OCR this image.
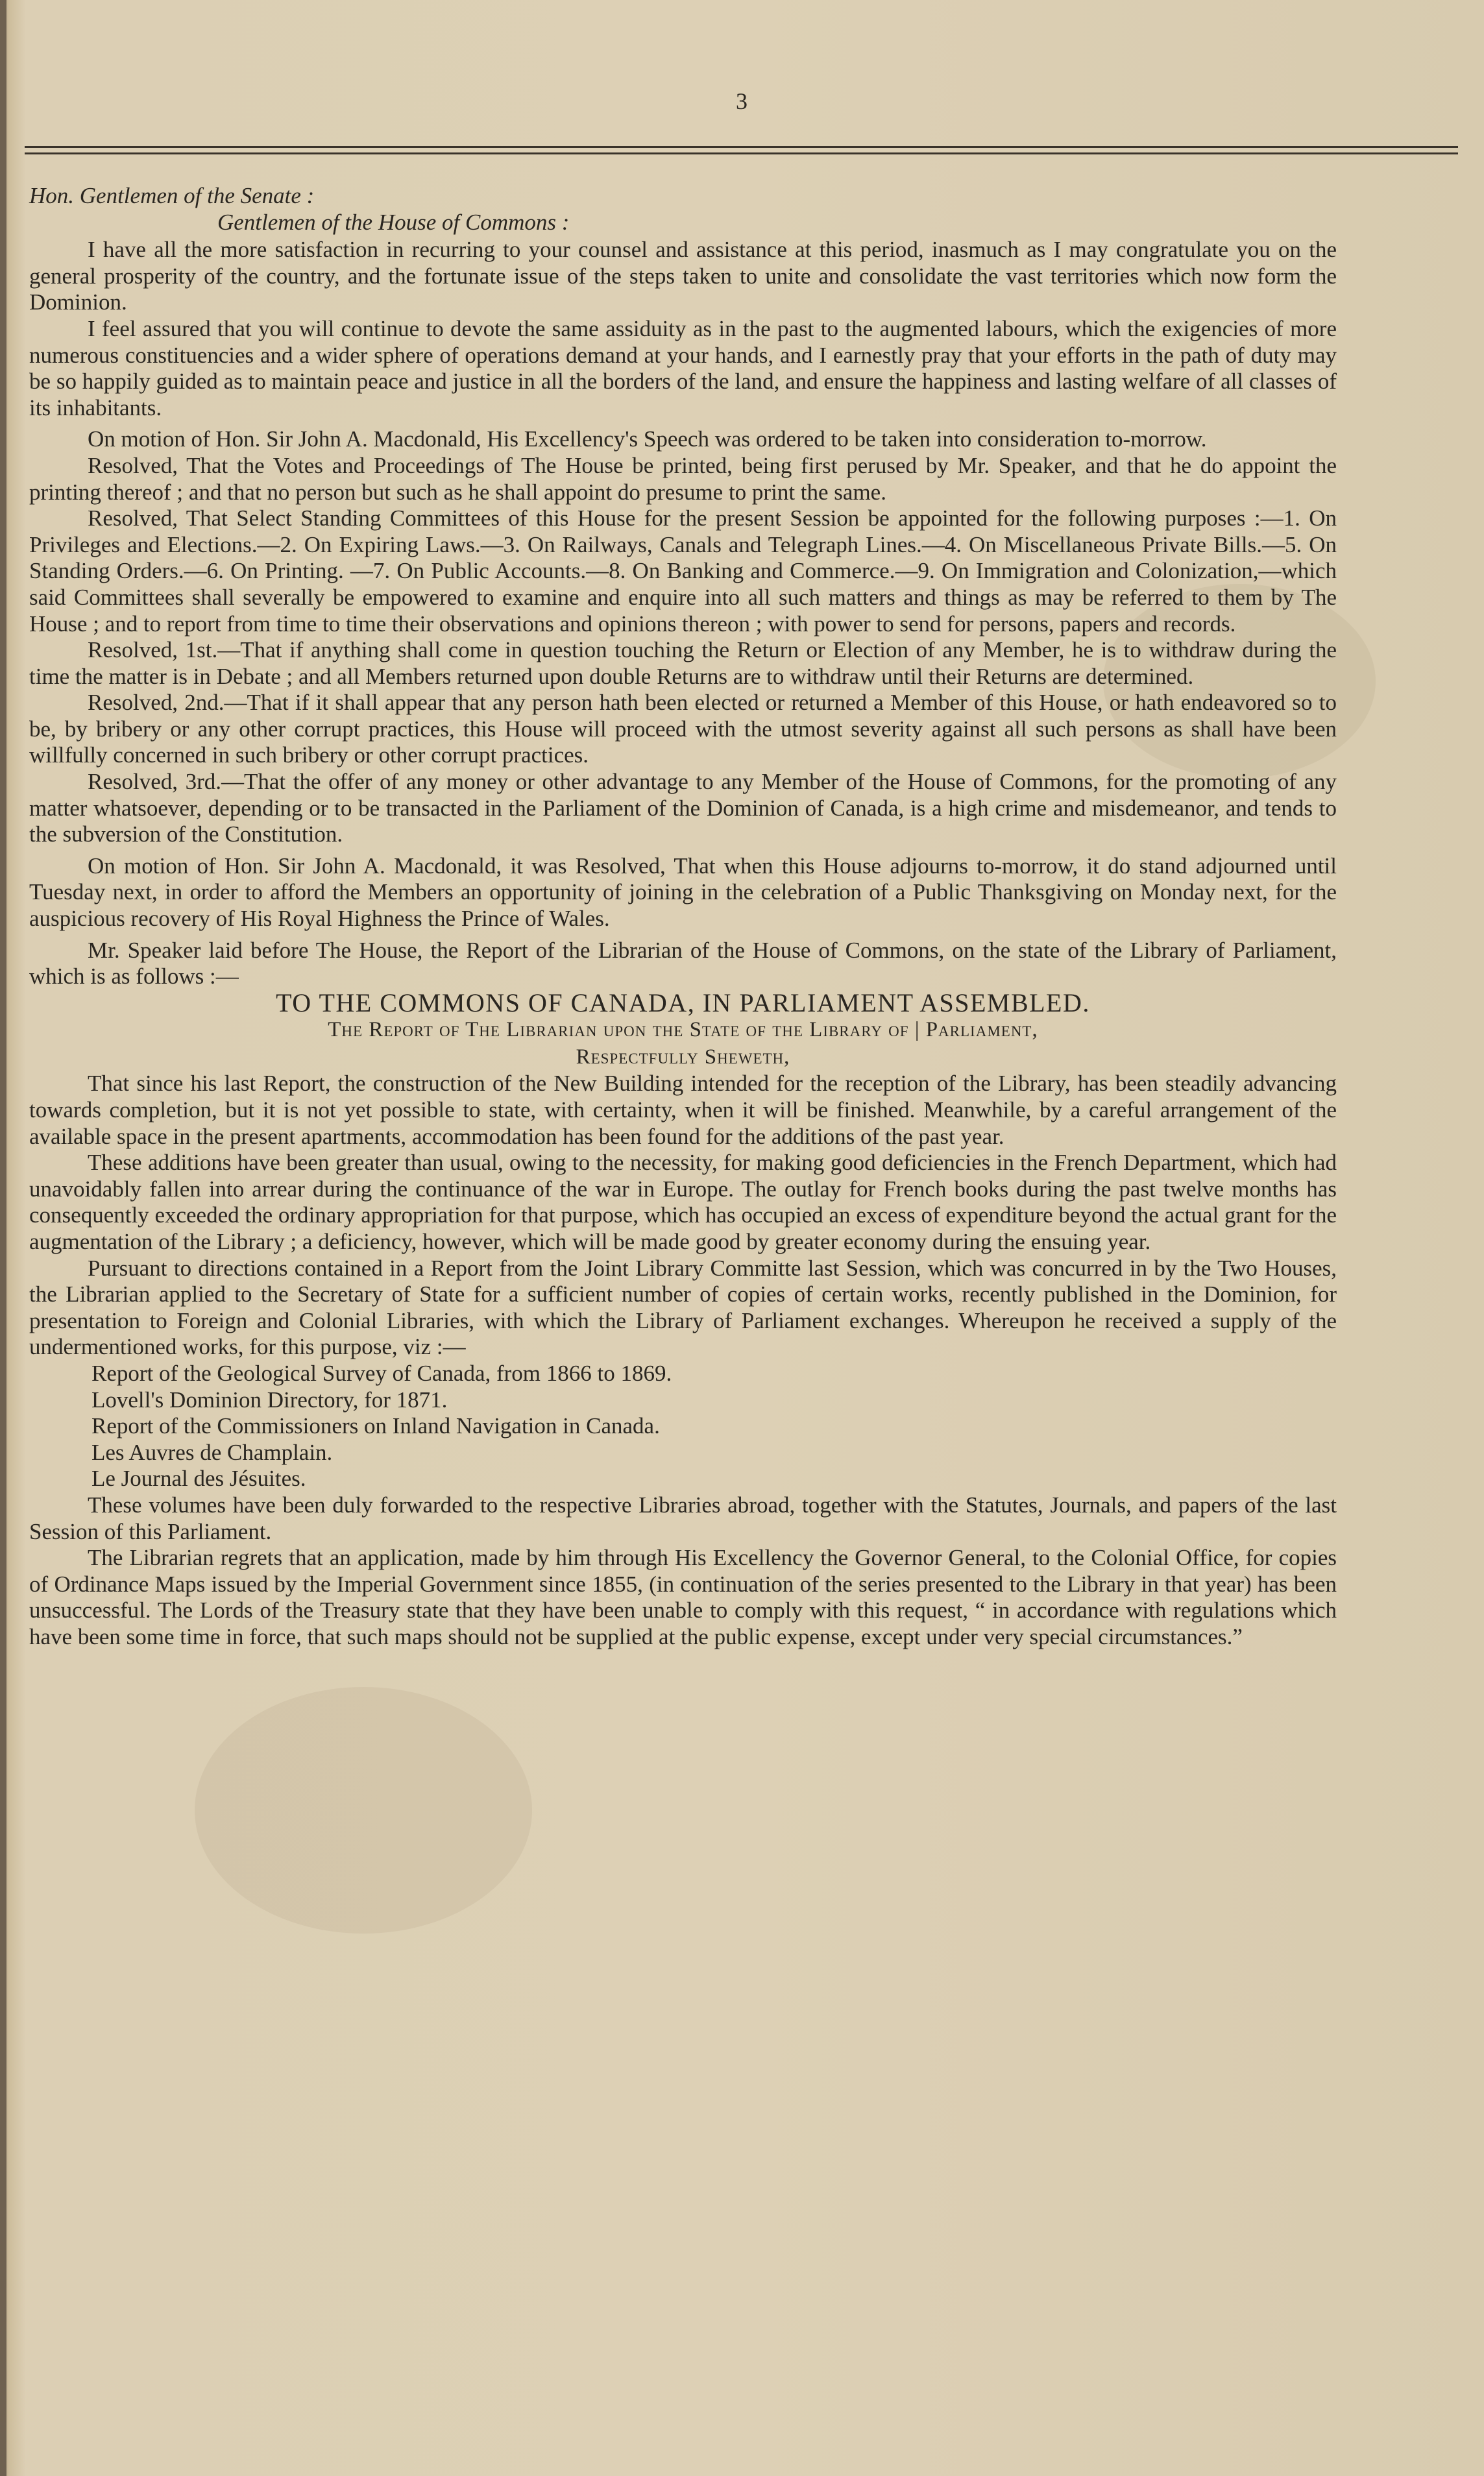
3

Hon. Gentlemen of the Senate :

Gentlemen of the House of Commons :

I have all the more satisfaction in recurring to your counsel and assistance at this period, inasmuch as I may congratulate you on the general prosperity of the country, and the fortunate issue of the steps taken to unite and consolidate the vast territories which now form the Dominion.

I feel assured that you will continue to devote the same assiduity as in the past to the augmented labours, which the exigencies of more numerous constituencies and a wider sphere of operations demand at your hands, and I earnestly pray that your efforts in the path of duty may be so happily guided as to maintain peace and justice in all the borders of the land, and ensure the happiness and lasting welfare of all classes of its inhabitants.

On motion of Hon. Sir John A. Macdonald, His Excellency's Speech was ordered to be taken into consideration to-morrow.

Resolved, That the Votes and Proceedings of The House be printed, being first perused by Mr. Speaker, and that he do appoint the printing thereof ; and that no person but such as he shall appoint do presume to print the same.

Resolved, That Select Standing Committees of this House for the present Session be appointed for the following purposes :—1. On Privileges and Elections.—2. On Expiring Laws.—3. On Railways, Canals and Telegraph Lines.—4. On Miscellaneous Private Bills.—5. On Standing Orders.—6. On Printing. —7. On Public Accounts.—8. On Banking and Commerce.—9. On Immigration and Colonization,—which said Committees shall severally be empowered to examine and enquire into all such matters and things as may be referred to them by The House ; and to report from time to time their observations and opinions thereon ; with power to send for persons, papers and records.

Resolved, 1st.—That if anything shall come in question touching the Return or Election of any Member, he is to withdraw during the time the matter is in Debate ; and all Members returned upon double Returns are to withdraw until their Returns are determined.

Resolved, 2nd.—That if it shall appear that any person hath been elected or returned a Member of this House, or hath endeavored so to be, by bribery or any other corrupt practices, this House will proceed with the utmost severity against all such persons as shall have been willfully concerned in such bribery or other corrupt practices.

Resolved, 3rd.—That the offer of any money or other advantage to any Member of the House of Commons, for the promoting of any matter whatsoever, depending or to be transacted in the Parliament of the Dominion of Canada, is a high crime and misdemeanor, and tends to the subversion of the Constitution.

On motion of Hon. Sir John A. Macdonald, it was Resolved, That when this House adjourns to-morrow, it do stand adjourned until Tuesday next, in order to afford the Members an opportunity of joining in the celebration of a Public Thanksgiving on Monday next, for the auspicious recovery of His Royal Highness the Prince of Wales.

Mr. Speaker laid before The House, the Report of the Librarian of the House of Commons, on the state of the Library of Parliament, which is as follows :—

TO THE COMMONS OF CANADA, IN PARLIAMENT ASSEMBLED.

The Report of The Librarian upon the State of the Library of | Parliament,

Respectfully Sheweth,

That since his last Report, the construction of the New Building intended for the reception of the Library, has been steadily advancing towards completion, but it is not yet possible to state, with certainty, when it will be finished. Meanwhile, by a careful arrangement of the available space in the present apartments, accommodation has been found for the additions of the past year.

These additions have been greater than usual, owing to the necessity, for making good deficiencies in the French Department, which had unavoidably fallen into arrear during the continuance of the war in Europe. The outlay for French books during the past twelve months has consequently exceeded the ordinary appropriation for that purpose, which has occupied an excess of expenditure beyond the actual grant for the augmentation of the Library ; a deficiency, however, which will be made good by greater economy during the ensuing year.

Pursuant to directions contained in a Report from the Joint Library Committe last Session, which was concurred in by the Two Houses, the Librarian applied to the Secretary of State for a sufficient number of copies of certain works, recently published in the Dominion, for presentation to Foreign and Colonial Libraries, with which the Library of Parliament exchanges. Whereupon he received a supply of the undermentioned works, for this purpose, viz :—

Report of the Geological Survey of Canada, from 1866 to 1869.

Lovell's Dominion Directory, for 1871.

Report of the Commissioners on Inland Navigation in Canada.

Les Auvres de Champlain.

Le Journal des Jésuites.

These volumes have been duly forwarded to the respective Libraries abroad, together with the Statutes, Journals, and papers of the last Session of this Parliament.

The Librarian regrets that an application, made by him through His Excellency the Governor General, to the Colonial Office, for copies of Ordinance Maps issued by the Imperial Government since 1855, (in continuation of the series presented to the Library in that year) has been unsuccessful. The Lords of the Treasury state that they have been unable to comply with this request, “ in accordance with regulations which have been some time in force, that such maps should not be supplied at the public expense, except under very special circumstances.”
